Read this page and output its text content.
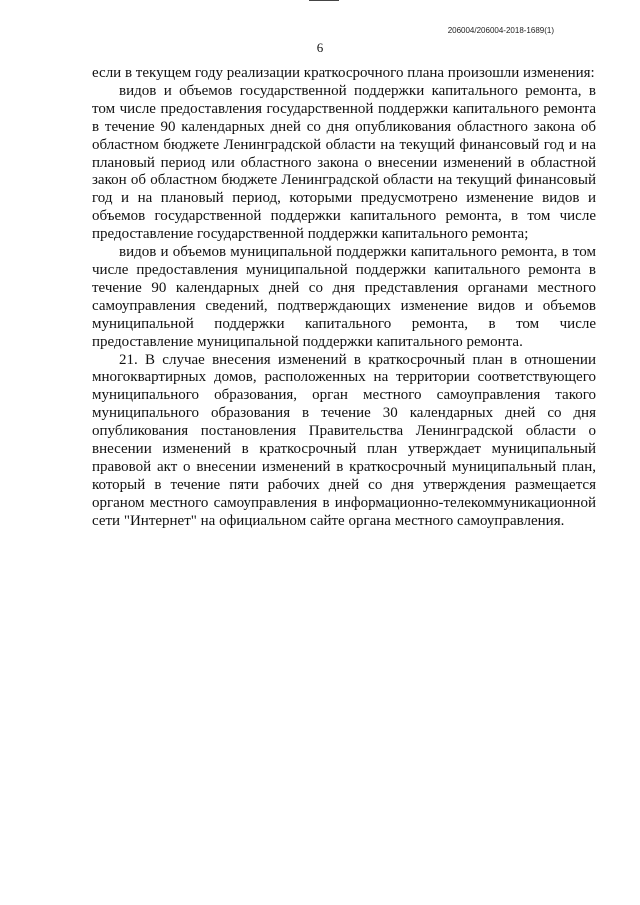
206004/206004-2018-1689(1)
6

если в текущем году реализации краткосрочного плана произошли изменения:

видов и объемов государственной поддержки капитального ремонта, в том числе предоставления государственной поддержки капитального ремонта в течение 90 календарных дней со дня опубликования областного закона об областном бюджете Ленинградской области на текущий финансовый год и на плановый период или областного закона о внесении изменений в областной закон об областном бюджете Ленинградской области на текущий финансовый год и на плановый период, которыми предусмотрено изменение видов и объемов государственной поддержки капитального ремонта, в том числе предоставление государственной поддержки капитального ремонта;

видов и объемов муниципальной поддержки капитального ремонта, в том числе предоставления муниципальной поддержки капитального ремонта в течение 90 календарных дней со дня представления органами местного самоуправления сведений, подтверждающих изменение видов и объемов муниципальной поддержки капитального ремонта, в том числе предоставление муниципальной поддержки капитального ремонта.

21. В случае внесения изменений в краткосрочный план в отношении многоквартирных домов, расположенных на территории соответствующего муниципального образования, орган местного самоуправления такого муниципального образования в течение 30 календарных дней со дня опубликования постановления Правительства Ленинградской области о внесении изменений в краткосрочный план утверждает муниципальный правовой акт о внесении изменений в краткосрочный муниципальный план, который в течение пяти рабочих дней со дня утверждения размещается органом местного самоуправления в информационно-телекоммуникационной сети "Интернет" на официальном сайте органа местного самоуправления.
